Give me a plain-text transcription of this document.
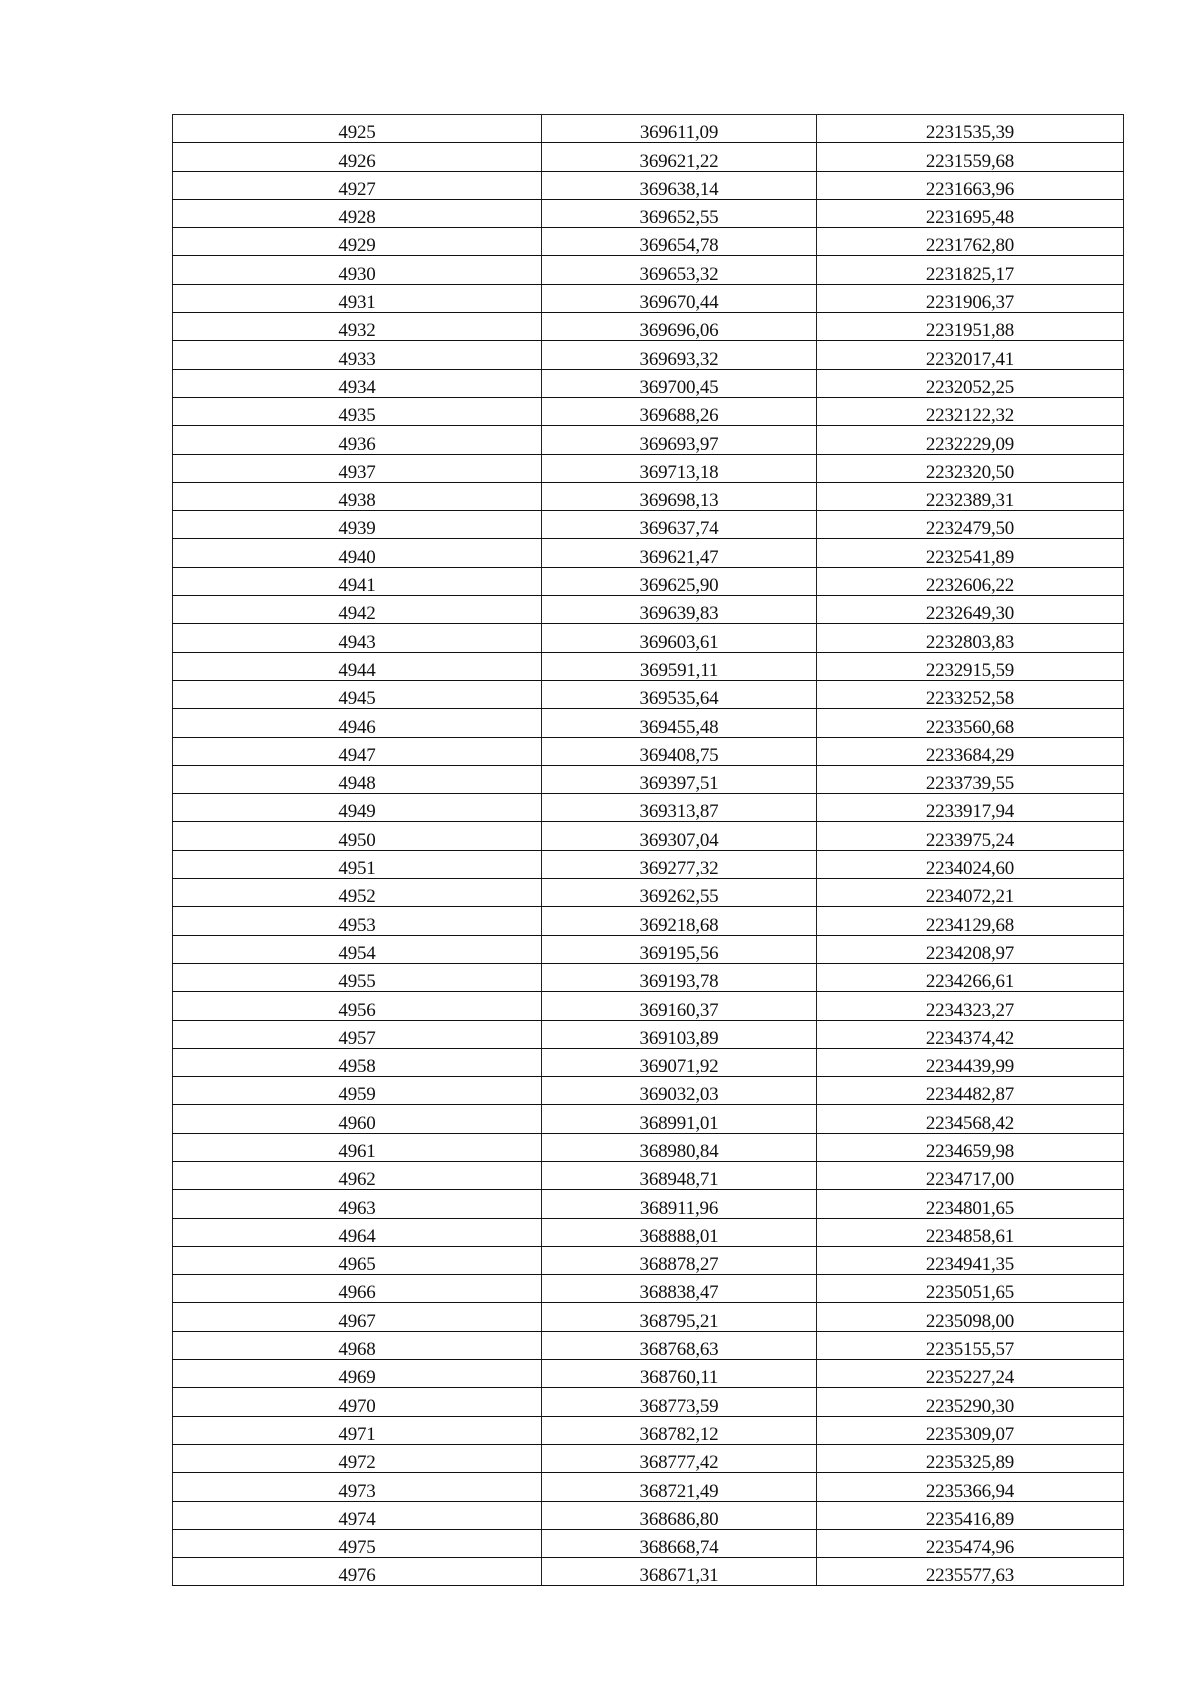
4925	369611,09	2231535,39
4926	369621,22	2231559,68
4927	369638,14	2231663,96
4928	369652,55	2231695,48
4929	369654,78	2231762,80
4930	369653,32	2231825,17
4931	369670,44	2231906,37
4932	369696,06	2231951,88
4933	369693,32	2232017,41
4934	369700,45	2232052,25
4935	369688,26	2232122,32
4936	369693,97	2232229,09
4937	369713,18	2232320,50
4938	369698,13	2232389,31
4939	369637,74	2232479,50
4940	369621,47	2232541,89
4941	369625,90	2232606,22
4942	369639,83	2232649,30
4943	369603,61	2232803,83
4944	369591,11	2232915,59
4945	369535,64	2233252,58
4946	369455,48	2233560,68
4947	369408,75	2233684,29
4948	369397,51	2233739,55
4949	369313,87	2233917,94
4950	369307,04	2233975,24
4951	369277,32	2234024,60
4952	369262,55	2234072,21
4953	369218,68	2234129,68
4954	369195,56	2234208,97
4955	369193,78	2234266,61
4956	369160,37	2234323,27
4957	369103,89	2234374,42
4958	369071,92	2234439,99
4959	369032,03	2234482,87
4960	368991,01	2234568,42
4961	368980,84	2234659,98
4962	368948,71	2234717,00
4963	368911,96	2234801,65
4964	368888,01	2234858,61
4965	368878,27	2234941,35
4966	368838,47	2235051,65
4967	368795,21	2235098,00
4968	368768,63	2235155,57
4969	368760,11	2235227,24
4970	368773,59	2235290,30
4971	368782,12	2235309,07
4972	368777,42	2235325,89
4973	368721,49	2235366,94
4974	368686,80	2235416,89
4975	368668,74	2235474,96
4976	368671,31	2235577,63
